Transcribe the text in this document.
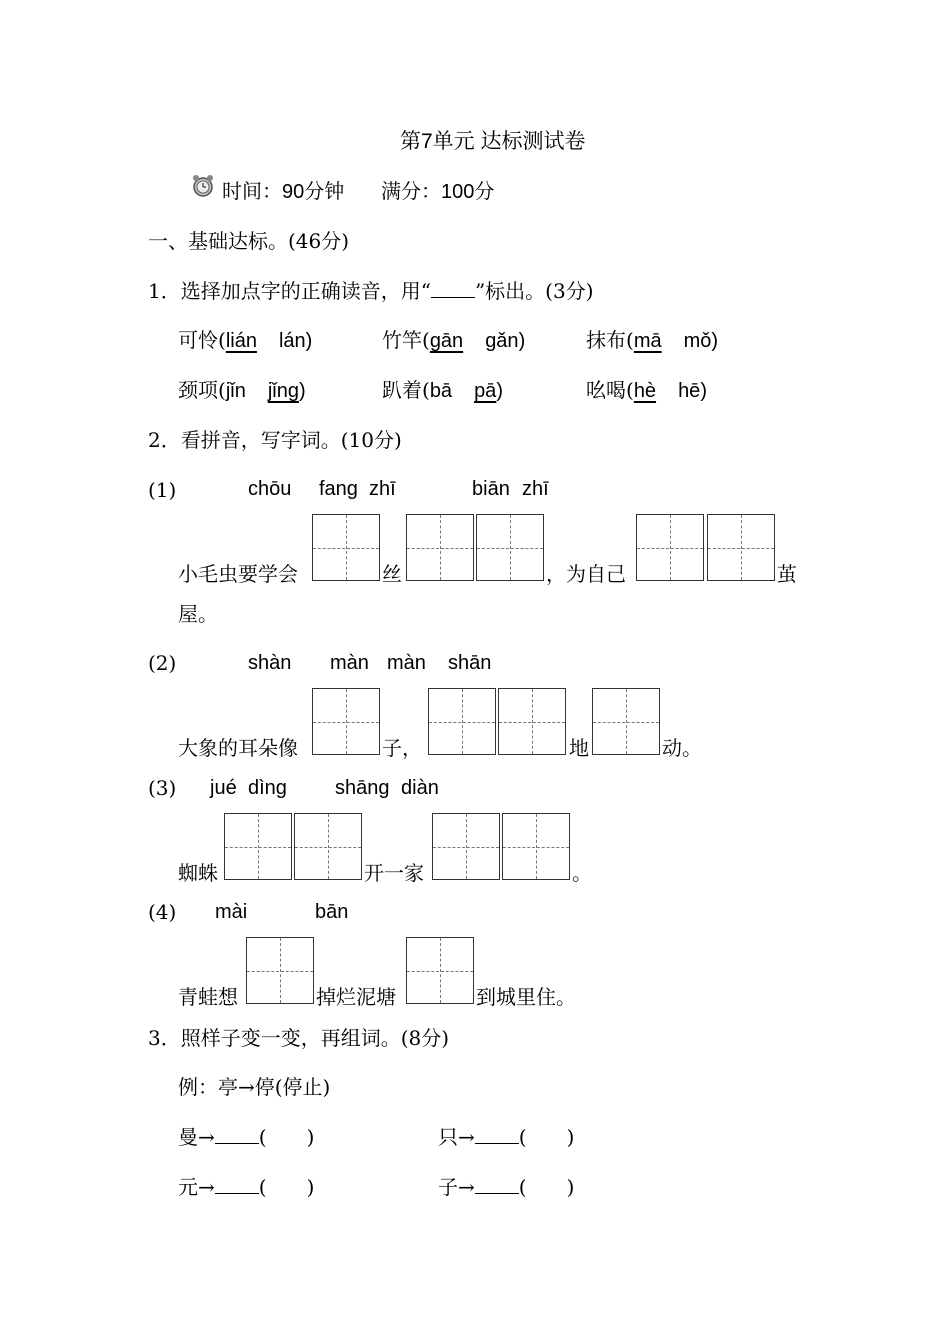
第7单元 达标测试卷
时间：90分钟 满分：100分
一、基础达标。(46分)
1．选择加点字的正确读音，用“ ”标出。(3分)
可怜(lián lán)	竹竿(gān gǎn)	抹布(mā mǒ)
颈项(jǐn jǐng)	趴着(bā pā)	吆喝(hè hē)
2．看拼音，写字词。(10分)
(1)	chōu fang zhī	biān zhī
小毛虫要学会	丝	，为自己	茧
屋。
(2)	shàn màn màn shān
大象的耳朵像	子，	地	动。
(3) jué dìng shāng diàn
蜘蛛	开一家	。
(4) mài	bān
青蛙想	掉烂泥塘	到城里住。
3．照样子变一变，再组词。(8分)
例：亭→停(停止)
曼→ (　　)	只→ (　　)
元→ (　　)	子→ (　　)
